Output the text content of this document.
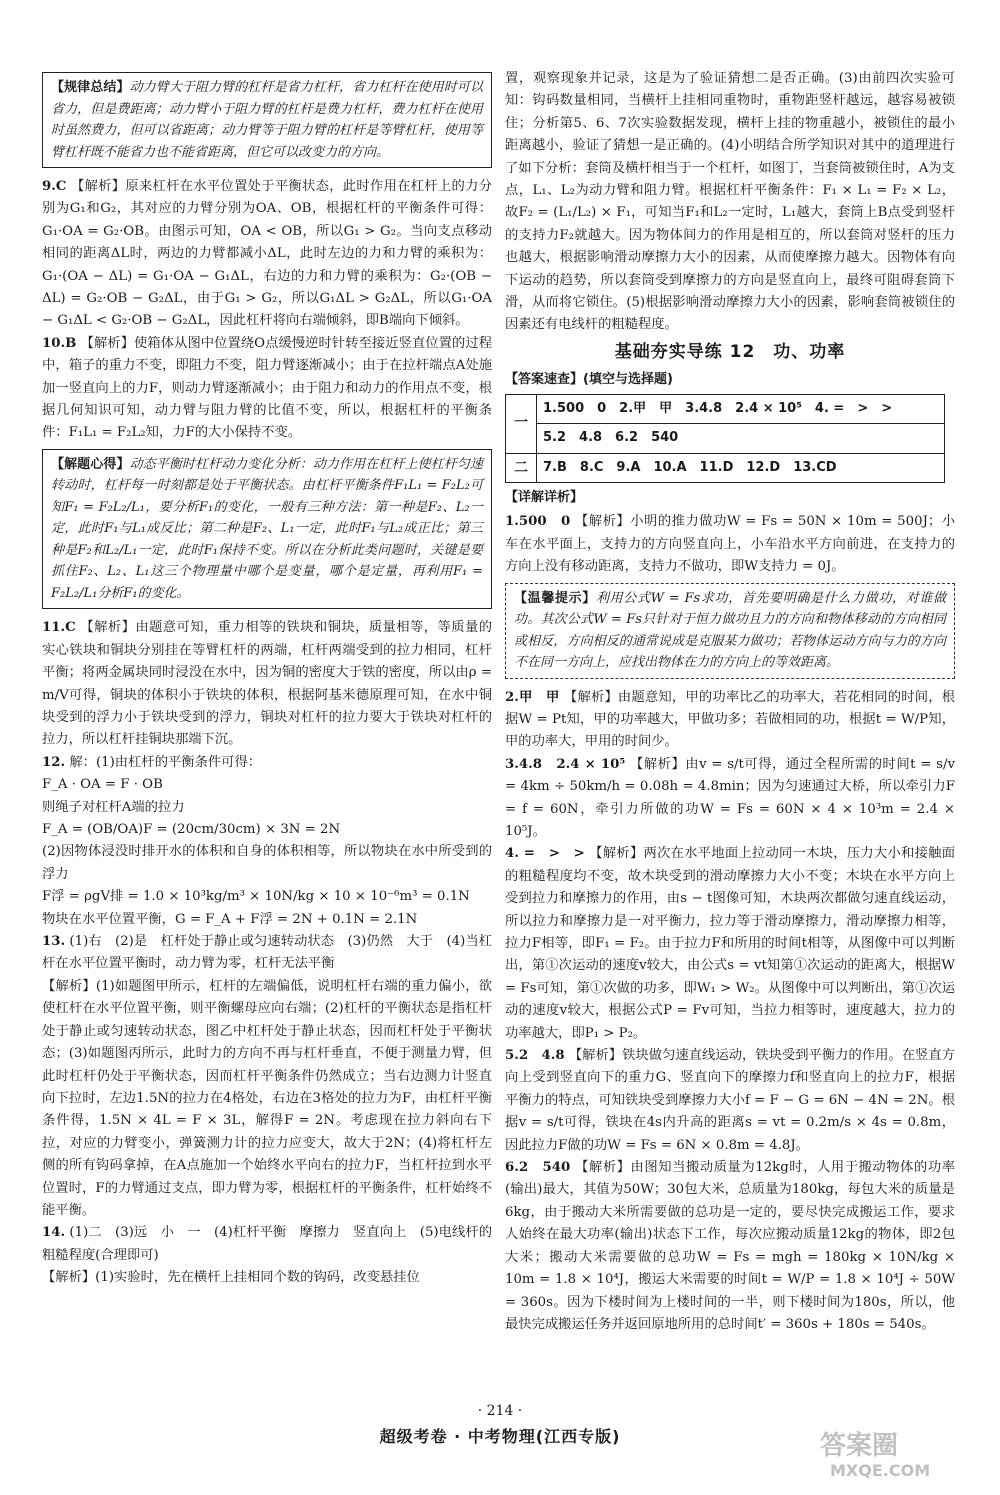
【规律总结】动力臂大于阻力臂的杠杆是省力杠杆，省力杠杆在使用时可以省力，但是费距离；动力臂小于阻力臂的杠杆是费力杠杆，费力杠杆在使用时虽然费力，但可以省距离；动力臂等于阻力臂的杠杆是等臂杠杆，使用等臂杠杆既不能省力也不能省距离，但它可以改变力的方向。

9.C 【解析】原来杠杆在水平位置处于平衡状态，此时作用在杠杆上的力分别为G₁和G₂，其对应的力臂分别为OA、OB，根据杠杆的平衡条件可得：G₁·OA = G₂·OB。由图示可知，OA < OB，所以G₁ > G₂。当向支点移动相同的距离ΔL时，两边的力臂都减小ΔL，此时左边的力和力臂的乘积为：G₁·(OA − ΔL) = G₁·OA − G₁ΔL，右边的力和力臂的乘积为：G₂·(OB − ΔL) = G₂·OB − G₂ΔL，由于G₁ > G₂，所以G₁ΔL > G₂ΔL，所以G₁·OA − G₁ΔL < G₂·OB − G₂ΔL，因此杠杆将向右端倾斜，即B端向下倾斜。

10.B 【解析】使箱体从图中位置绕O点缓慢逆时针转至接近竖直位置的过程中，箱子的重力不变，即阻力不变，阻力臂逐渐减小；由于在拉杆端点A处施加一竖直向上的力F，则动力臂逐渐减小；由于阻力和动力的作用点不变，根据几何知识可知，动力臂与阻力臂的比值不变，所以，根据杠杆的平衡条件：F₁L₁ = F₂L₂知，力F的大小保持不变。

【解题心得】动态平衡时杠杆动力变化分析：动力作用在杠杆上使杠杆匀速转动时，杠杆每一时刻都是处于平衡状态。由杠杆平衡条件F₁L₁ = F₂L₂可知F₁ = F₂L₂/L₁，要分析F₁的变化，一般有三种方法：第一种是F₂、L₂一定，此时F₁与L₁成反比；第二种是F₂、L₁一定，此时F₁与L₂成正比；第三种是F₂和L₂/L₁一定，此时F₁保持不变。所以在分析此类问题时，关键是要抓住F₂、L₂、L₁这三个物理量中哪个是变量，哪个是定量，再利用F₁ = F₂L₂/L₁分析F₁的变化。

11.C 【解析】由题意可知，重力相等的铁块和铜块，质量相等，等质量的实心铁块和铜块分别挂在等臂杠杆的两端，杠杆两端受到的拉力相同，杠杆平衡；将两金属块同时浸没在水中，因为铜的密度大于铁的密度，所以由ρ = m/V可得，铜块的体积小于铁块的体积，根据阿基米德原理可知，在水中铜块受到的浮力小于铁块受到的浮力，铜块对杠杆的拉力要大于铁块对杠杆的拉力，所以杠杆挂铜块那端下沉。

12. 解：(1)由杠杆的平衡条件可得：

F_A · OA = F · OB

则绳子对杠杆A端的拉力

F_A = (OB/OA)F = (20cm/30cm) × 3N = 2N

(2)因物体浸没时排开水的体积和自身的体积相等，所以物块在水中所受到的浮力

F浮 = ρgV排 = 1.0 × 10³kg/m³ × 10N/kg × 10 × 10⁻⁶m³ = 0.1N

物块在水平位置平衡，G = F_A + F浮 = 2N + 0.1N = 2.1N

13. (1)右　(2)是　杠杆处于静止或匀速转动状态　(3)仍然　大于　(4)当杠杆在水平位置平衡时，动力臂为零，杠杆无法平衡

【解析】(1)如题图甲所示，杠杆的左端偏低，说明杠杆右端的重力偏小，欲使杠杆在水平位置平衡，则平衡螺母应向右端；(2)杠杆的平衡状态是指杠杆处于静止或匀速转动状态，图乙中杠杆处于静止状态，因而杠杆处于平衡状态；(3)如题图丙所示，此时力的方向不再与杠杆垂直，不便于测量力臂，但此时杠杆仍处于平衡状态，因而杠杆平衡条件仍然成立；当右边测力计竖直向下拉时，左边1.5N的拉力在4格处，右边在3格处的拉力为F，由杠杆平衡条件得，1.5N × 4L = F × 3L，解得F = 2N。考虑现在拉力斜向右下拉，对应的力臂变小，弹簧测力计的拉力应变大，故大于2N；(4)将杠杆左侧的所有钩码拿掉，在A点施加一个始终水平向右的拉力F，当杠杆拉到水平位置时，F的力臂通过支点，即力臂为零，根据杠杆的平衡条件，杠杆始终不能平衡。

14. (1)二　(3)远　小　一　(4)杠杆平衡　摩擦力　竖直向上　(5)电线杆的粗糙程度(合理即可)

【解析】(1)实验时，先在横杆上挂相同个数的钩码，改变悬挂位

置，观察现象并记录，这是为了验证猜想二是否正确。(3)由前四次实验可知：钩码数量相同，当横杆上挂相同重物时，重物距竖杆越远，越容易被锁住；分析第5、6、7次实验数据发现，横杆上挂的物重越小，被锁住的最小距离越小，验证了猜想一是正确的。(4)小明结合所学知识对其中的道理进行了如下分析：套筒及横杆相当于一个杠杆，如图丁，当套筒被锁住时，A为支点，L₁、L₂为动力臂和阻力臂。根据杠杆平衡条件：F₁ × L₁ = F₂ × L₂，故F₂ = (L₁/L₂) × F₁，可知当F₁和L₂一定时，L₁越大，套筒上B点受到竖杆的支持力F₂就越大。因为物体间力的作用是相互的，所以套筒对竖杆的压力也越大，根据影响滑动摩擦力大小的因素，从而使摩擦力越大。因物体有向下运动的趋势，所以套筒受到摩擦力的方向是竖直向上，最终可阻碍套筒下滑，从而将它锁住。(5)根据影响滑动摩擦力大小的因素，影响套筒被锁住的因素还有电线杆的粗糙程度。

基础夯实导练 12　功、功率
【答案速查】(填空与选择题)
一	1.500　0　2.甲　甲　3.4.8　2.4 × 10⁵　4. =　>　>
	5.2　4.8　6.2　540
二	7.B　8.C　9.A　10.A　11.D　12.D　13.CD
【详解详析】

1.500　0 【解析】小明的推力做功W = Fs = 50N × 10m = 500J；小车在水平面上，支持力的方向竖直向上，小车沿水平方向前进，在支持力的方向上没有移动距离，支持力不做功，即W支持力 = 0J。

【温馨提示】利用公式W = Fs求功，首先要明确是什么力做功，对谁做功。其次公式W = Fs只针对于恒力做功且力的方向和物体移动的方向相同或相反，方向相反的通常说成是克服某力做功；若物体运动方向与力的方向不在同一方向上，应找出物体在力的方向上的等效距离。

2.甲　甲 【解析】由题意知，甲的功率比乙的功率大，若花相同的时间，根据W = Pt知，甲的功率越大，甲做功多；若做相同的功，根据t = W/P知，甲的功率大，甲用的时间少。

3.4.8　2.4 × 10⁵ 【解析】由v = s/t可得，通过全程所需的时间t = s/v = 4km ÷ 50km/h = 0.08h = 4.8min；因为匀速通过大桥，所以牵引力F = f = 60N，牵引力所做的功W = Fs = 60N × 4 × 10³m = 2.4 × 10⁵J。

4. =　>　> 【解析】两次在水平地面上拉动同一木块，压力大小和接触面的粗糙程度均不变，故木块受到的滑动摩擦力大小不变；木块在水平方向上受到拉力和摩擦力的作用，由s − t图像可知，木块两次都做匀速直线运动，所以拉力和摩擦力是一对平衡力，拉力等于滑动摩擦力，滑动摩擦力相等，拉力F相等，即F₁ = F₂。由于拉力F和所用的时间t相等，从图像中可以判断出，第①次运动的速度v较大，由公式s = vt知第①次运动的距离大，根据W = Fs可知，第①次做的功多，即W₁ > W₂。从图像中可以判断出，第①次运动的速度v较大，根据公式P = Fv可知，当拉力相等时，速度越大，拉力的功率越大，即P₁ > P₂。

5.2　4.8 【解析】铁块做匀速直线运动，铁块受到平衡力的作用。在竖直方向上受到竖直向下的重力G、竖直向下的摩擦力f和竖直向上的拉力F，根据平衡力的特点，可知铁块受到摩擦力大小f = F − G = 6N − 4N = 2N。根据v = s/t可得，铁块在4s内升高的距离s = vt = 0.2m/s × 4s = 0.8m，因此拉力F做的功W = Fs = 6N × 0.8m = 4.8J。

6.2　540 【解析】由图知当搬动质量为12kg时，人用于搬动物体的功率(输出)最大，其值为50W；30包大米，总质量为180kg，每包大米的质量是6kg，由于搬动大米所需要做的总功是一定的，要尽快完成搬运工作，要求人始终在最大功率(输出)状态下工作，每次应搬动质量12kg的物体，即2包大米；搬动大米需要做的总功W = Fs = mgh = 180kg × 10N/kg × 10m = 1.8 × 10⁴J，搬运大米需要的时间t = W/P = 1.8 × 10⁴J ÷ 50W = 360s。因为下楼时间为上楼时间的一半，则下楼时间为180s，所以，他最快完成搬运任务并返回原地所用的总时间t′ = 360s + 180s = 540s。

· 214 ·
超级考卷 · 中考物理(江西专版)	答案圈
MXQE.COM
